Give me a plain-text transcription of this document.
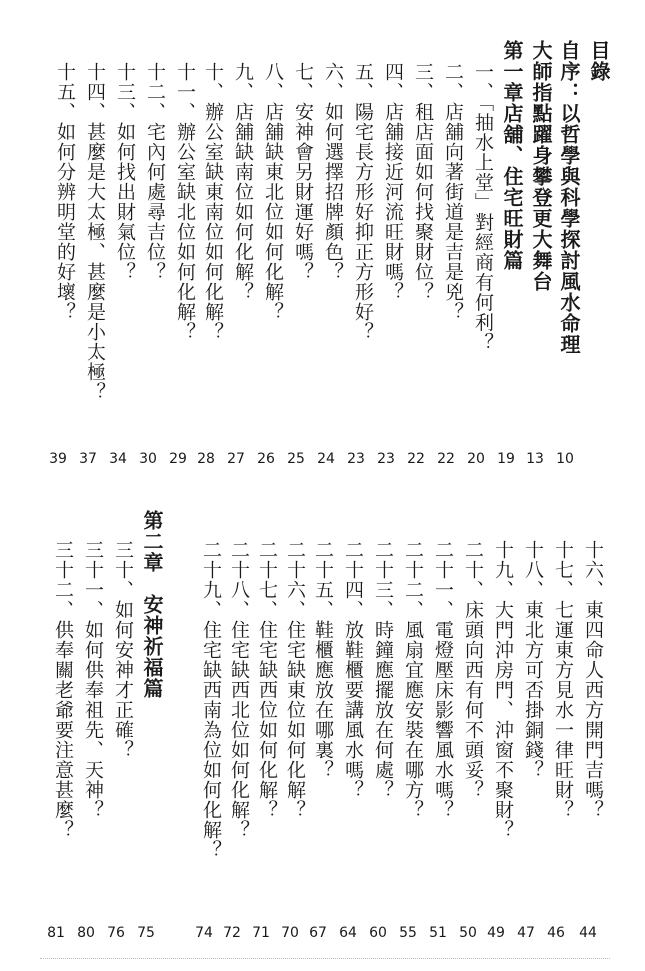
目錄
自序：以哲學與科學探討風水命理
大師指點躍身攀登更大舞台
第一章店舖、住宅旺財篇
一、「抽水上堂」對經商有何利？
二、店舖向著街道是吉是兇？
三、租店面如何找聚財位？
四、店舖接近河流旺財嗎？
五、陽宅長方形好抑正方形好？
六、如何選擇招牌顏色？
七、安神會另財運好嗎？
八、店舖缺東北位如何化解？
九、店舖缺南位如何化解？
十、辦公室缺東南位如何化解？
十一、辦公室缺北位如何化解？
十二、宅內何處尋吉位？
十三、如何找出財氣位？
十四、甚麼是大太極、甚麼是小太極？
十五、如何分辨明堂的好壞？
10
13
19
20
22
22
23
23
24
25
26
27
28
29
30
34
37
39
十六、東四命人西方開門吉嗎？
十七、七運東方見水一律旺財？
十八、東北方可否掛銅錢？
十九、大門沖房門、沖窗不聚財？
二十、床頭向西有何不頭妥？
二十一、電燈壓床影響風水嗎？
二十二、風扇宜應安裝在哪方？
二十三、時鐘應擺放在何處？
二十四、放鞋櫃要講風水嗎？
二十五、鞋櫃應放在哪裏？
二十六、住宅缺東位如何化解？
二十七、住宅缺西位如何化解？
二十八、住宅缺西北位如何化解？
二十九、住宅缺西南為位如何化解？
第二章　安神祈福篇
三十、如何安神才正確？
三十一、如何供奉祖先、天神？
三十二、供奉關老爺要注意甚麼？
44
46
47
49
50
51
55
60
64
67
70
71
72
74
75
76
80
81
